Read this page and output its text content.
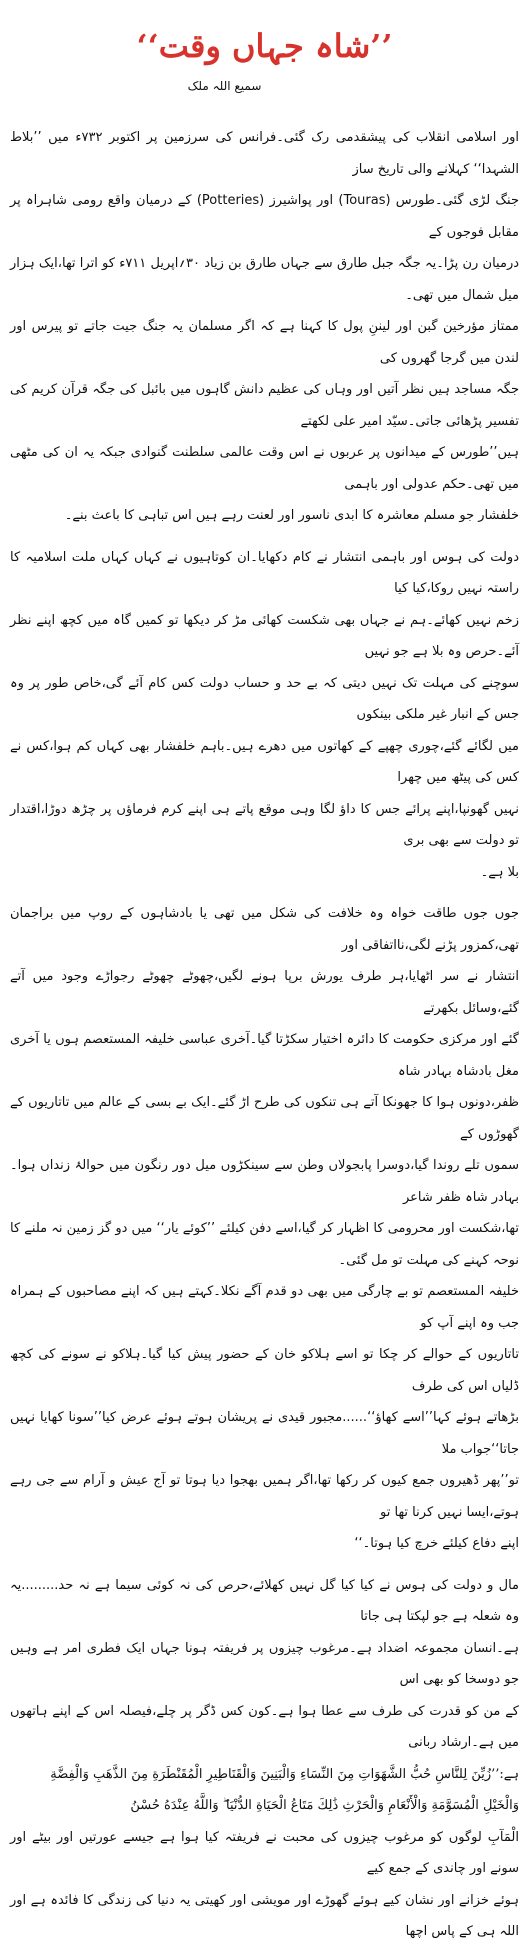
’’شاہ جہاں وقت‘‘
سمیع اللہ ملک

اور اسلامی انقلاب کی پیشقدمی رک گئی۔فرانس کی سرزمین پر اکتوبر ۷۳۲ء میں ’’بلاط الشہدا‘‘ کہلانے والی تاریخ ساز

جنگ لڑی گئی۔طورس (Touras) اور پواشیرز (Potteries) کے درمیان واقع رومی شاہراہ پر مقابل فوجوں کے

درمیان رن پڑا۔یہ جگہ جبل طارق سے جہاں طارق بن زیاد ۳۰؍اپریل ۷۱۱ء کو اترا تھا،ایک ہزار میل شمال میں تھی۔

ممتاز مؤرخین گبن اور لیننِ پول کا کہنا ہے کہ اگر مسلمان یہ جنگ جیت جاتے تو پیرس اور لندن میں گرجا گھروں کی

جگہ مساجد ہیں نظر آتیں اور وہاں کی عظیم دانش گاہوں میں بائبل کی جگہ قرآن کریم کی تفسیر پڑھائی جاتی۔سیّد امیر علی لکھتے

ہیں’’طورس کے میدانوں پر عربوں نے اس وقت عالمی سلطنت گنوادی جبکہ یہ ان کی مٹھی میں تھی۔حکم عدولی اور باہمی

خلفشار جو مسلم معاشرہ کا ابدی ناسور اور لعنت رہے ہیں اس تباہی کا باعث بنے۔

دولت کی ہوس اور باہمی انتشار نے کام دکھایا۔ان کوتاہیوں نے کہاں کہاں ملت اسلامیہ کا راستہ نہیں روکا،کیا کیا

زخم نہیں کھائے۔ہم نے جہاں بھی شکست کھائی مڑ کر دیکھا تو کمیں گاہ میں کچھ اپنے نظر آئے۔حرص وہ بلا ہے جو نہیں

سوچنے کی مہلت تک نہیں دیتی کہ بے حد و حساب دولت کس کام آئے گی،خاص طور پر وہ جس کے انبار غیر ملکی بینکوں

میں لگائے گئے،چوری چھپے کے کھاتوں میں دھرے ہیں۔باہم خلفشار بھی کہاں کم ہوا،کس نے کس کی پیٹھ میں چھرا

نہیں گھونپا،اپنے پرائے جس کا داؤ لگا وہی موقع پاتے ہی اپنے کرم فرماؤں پر چڑھ دوڑا،اقتدار تو دولت سے بھی بری

بلا ہے۔

جوں جوں طاقت خواہ وہ خلافت کی شکل میں تھی یا بادشاہوں کے روپ میں براجمان تھی،کمزور پڑنے لگی،نااتفاقی اور

انتشار نے سر اٹھایا،ہر طرف یورش برپا ہونے لگیں،چھوٹے چھوٹے رجواڑے وجود میں آتے گئے،وسائل بکھرتے

گئے اور مرکزی حکومت کا دائرہ اختیار سکڑتا گیا۔آخری عباسی خلیفہ المستعصم ہوں یا آخری مغل بادشاہ بہادر شاہ

ظفر،دونوں ہوا کا جھونکا آتے ہی تنکوں کی طرح اڑ گئے۔ایک بے بسی کے عالم میں تاتاریوں کے گھوڑوں کے

سموں تلے روندا گیا،دوسرا پابجولاں وطن سے سینکڑوں میل دور رنگون میں حوالۂ زنداں ہوا۔بہادر شاہ ظفر شاعر

تھا،شکست اور محرومی کا اظہار کر گیا،اسے دفن کیلئے ’’کوئے یار‘‘ میں دو گز زمین نہ ملنے کا نوحہ کہنے کی مہلت تو مل گئی۔

خلیفہ المستعصم تو بے چارگی میں بھی دو قدم آگے نکلا۔کہتے ہیں کہ اپنے مصاحبوں کے ہمراہ جب وہ اپنے آپ کو

تاتاریوں کے حوالے کر چکا تو اسے ہلاکو خان کے حضور پیش کیا گیا۔ہلاکو نے سونے کی کچھ ڈلیاں اس کی طرف

بڑھاتے ہوئے کہا’’اسے کھاؤ‘‘......مجبور قیدی نے پریشان ہوتے ہوئے عرض کیا’’سونا کھایا نہیں جاتا‘‘جواب ملا

تو’’پھر ڈھیروں جمع کیوں کر رکھا تھا،اگر ہمیں بھجوا دیا ہوتا تو آج عیش و آرام سے جی رہے ہوتے،ایسا نہیں کرنا تھا تو

اپنے دفاع کیلئے خرچ کیا ہوتا۔‘‘

مال و دولت کی ہوس نے کیا کیا گل نہیں کھلائے،حرص کی نہ کوئی سیما ہے نہ حد.........یہ وہ شعلہ ہے جو لپکتا ہی جاتا

ہے۔انسان مجموعہ اضداد ہے۔مرغوب چیزوں پر فریفتہ ہونا جہاں ایک فطری امر ہے وہیں جو دوسخا کو بھی اس

کے من کو قدرت کی طرف سے عطا ہوا ہے۔کون کس ڈگر پر چلے،فیصلہ اس کے اپنے ہاتھوں میں ہے۔ارشاد ربانی

ہے:’’زُيِّنَ لِلنَّاسِ حُبُّ الشَّهَوَاتِ مِنَ النِّسَاءِ وَالْبَنِينَ وَالْقَنَاطِيرِ الْمُقَنْطَرَةِ مِنَ الذَّهَبِ وَالْفِضَّةِ

وَالْخَيْلِ الْمُسَوَّمَةِ وَالْأَنْعَامِ وَالْحَرْثِ ذَٰلِكَ مَتَاعُ الْحَيَاةِ الدُّنْيَا ۖ وَاللَّهُ عِنْدَهُ حُسْنُ

الْمَآبِ لوگوں کو مرغوب چیزوں کی محبت نے فریفتہ کیا ہوا ہے جیسے عورتیں اور بیٹے اور سونے اور چاندی کے جمع کیے

ہوئے خزانے اور نشان کیے ہوئے گھوڑے اور مویشی اور کھیتی یہ دنیا کی زندگی کا فائدہ ہے اور اللہ ہی کے پاس اچھا
